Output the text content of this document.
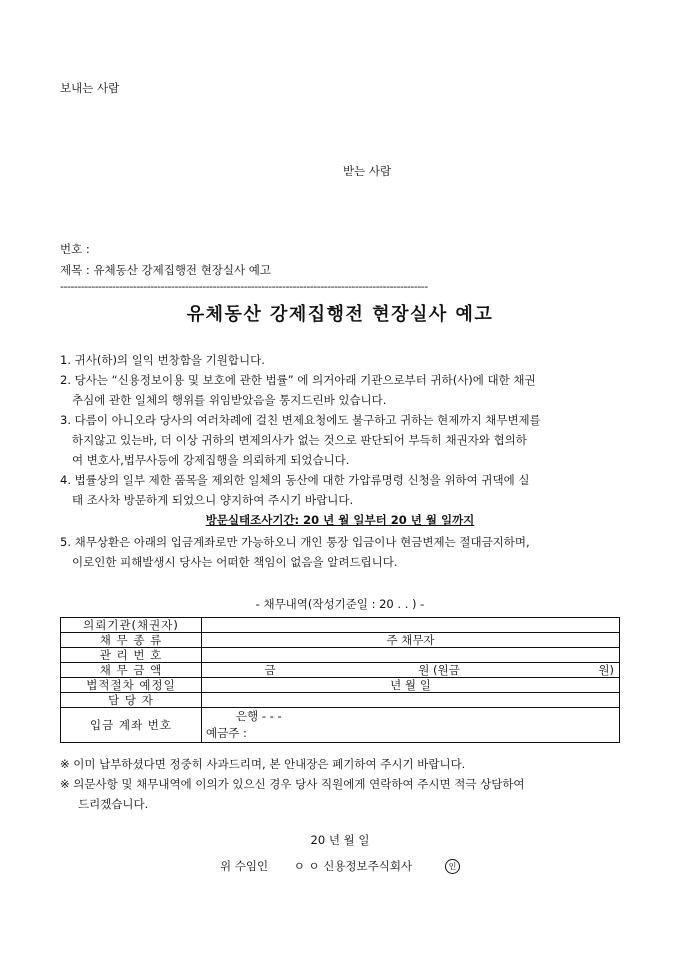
보내는 사람
받는 사람
번호 :
제목 : 유체동산 강제집행전 현장실사 예고
----------------------------------------------------------------------------------------------------------
유체동산 강제집행전 현장실사 예고
1. 귀사(하)의 일익 번창함을 기원합니다.
2. 당사는 “신용정보이용 및 보호에 관한 법률” 에 의거아래 기관으로부터 귀하(사)에 대한 채권
추심에 관한 일체의 행위를 위임받았음을 통지드린바 있습니다.
3. 다름이 아니오라 당사의 여러차례에 걸친 변제요청에도 불구하고 귀하는 현제까지 채무변제를
하지않고 있는바, 더 이상 귀하의 변제의사가 없는 것으로 판단되어 부득히 채권자와 협의하
여 변호사,법무사등에 강제집행을 의뢰하게 되었습니다.
4. 법률상의 일부 제한 품목을 제외한 일체의 동산에 대한 가압류명령 신청을 위하여 귀댁에 실
태 조사차 방문하게 되었으니 양지하여 주시기 바랍니다.
방문실태조사기간: 20 년 월 일부터 20 년 월 일까지
5. 채무상환은 아래의 입금계좌로만 가능하오니 개인 통장 입금이나 현금변제는 절대금지하며,
이로인한 피해발생시 당사는 어떠한 책임이 없음을 알려드립니다.
- 채무내역(작성기준일 : 20 . . ) -
의뢰기관(채권자)	
채 무 종 류	주 채무자
관 리 번 호	
채 무 금 액	금 원 (원금 원)
법적절차 예정일	년 월 일
담 당 자	
입금 계좌 번호	은행 - - -
예금주 :
※ 이미 납부하셨다면 정중히 사과드리며, 본 안내장은 폐기하여 주시기 바랍니다.
※ 의문사항 및 채무내역에 이의가 있으신 경우 당사 직원에게 연락하여 주시면 적극 상담하여
드리겠습니다.
20 년 월 일
위 수임인 ㅇ ㅇ 신용정보주식회사	인
